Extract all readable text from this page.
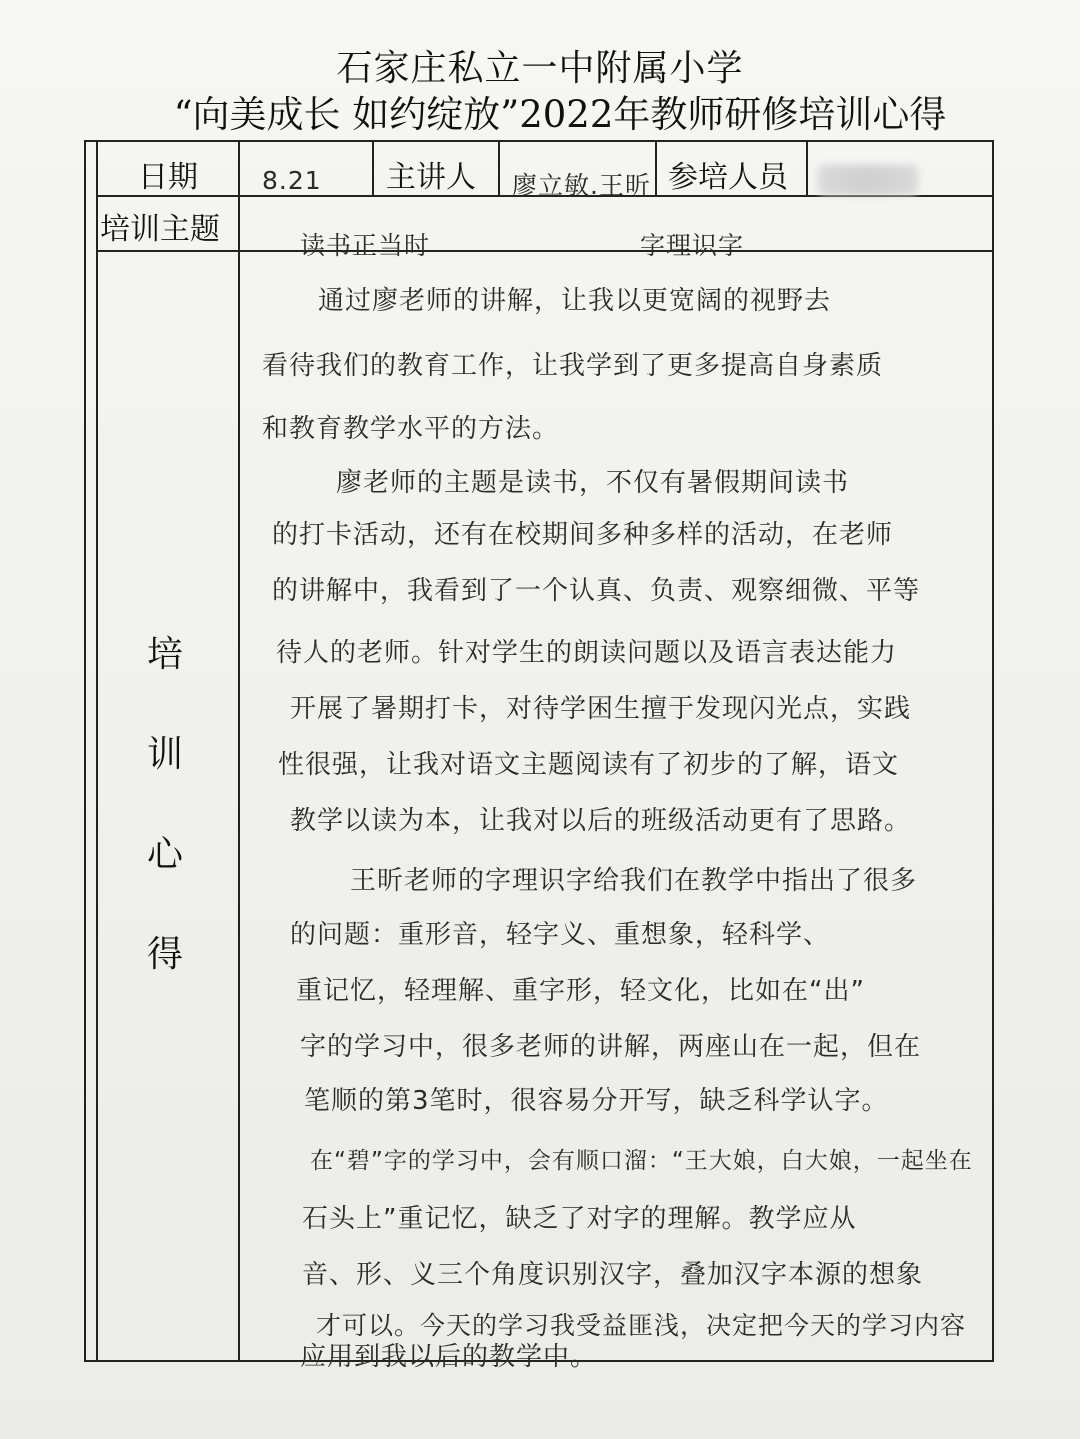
石家庄私立一中附属小学
“向美成长 如约绽放”2022年教师研修培训心得
日期	8.21 主讲人 廖立敏.王昕 参培人员
培训主题	读书正当时	字理识字
培
训
心
得
通过廖老师的讲解，让我以更宽阔的视野去
看待我们的教育工作，让我学到了更多提高自身素质
和教育教学水平的方法。
廖老师的主题是读书，不仅有暑假期间读书
的打卡活动，还有在校期间多种多样的活动，在老师
的讲解中，我看到了一个认真、负责、观察细微、平等
待人的老师。针对学生的朗读问题以及语言表达能力
开展了暑期打卡，对待学困生擅于发现闪光点，实践
性很强，让我对语文主题阅读有了初步的了解，语文
教学以读为本，让我对以后的班级活动更有了思路。
王昕老师的字理识字给我们在教学中指出了很多
的问题：重形音，轻字义、重想象，轻科学、
重记忆，轻理解、重字形，轻文化，比如在“出”
字的学习中，很多老师的讲解，两座山在一起，但在
笔顺的第3笔时，很容易分开写，缺乏科学认字。
在“碧”字的学习中，会有顺口溜：“王大娘，白大娘，一起坐在
石头上”重记忆，缺乏了对字的理解。教学应从
音、形、义三个角度识别汉字，叠加汉字本源的想象
才可以。今天的学习我受益匪浅，决定把今天的学习内容
应用到我以后的教学中。
